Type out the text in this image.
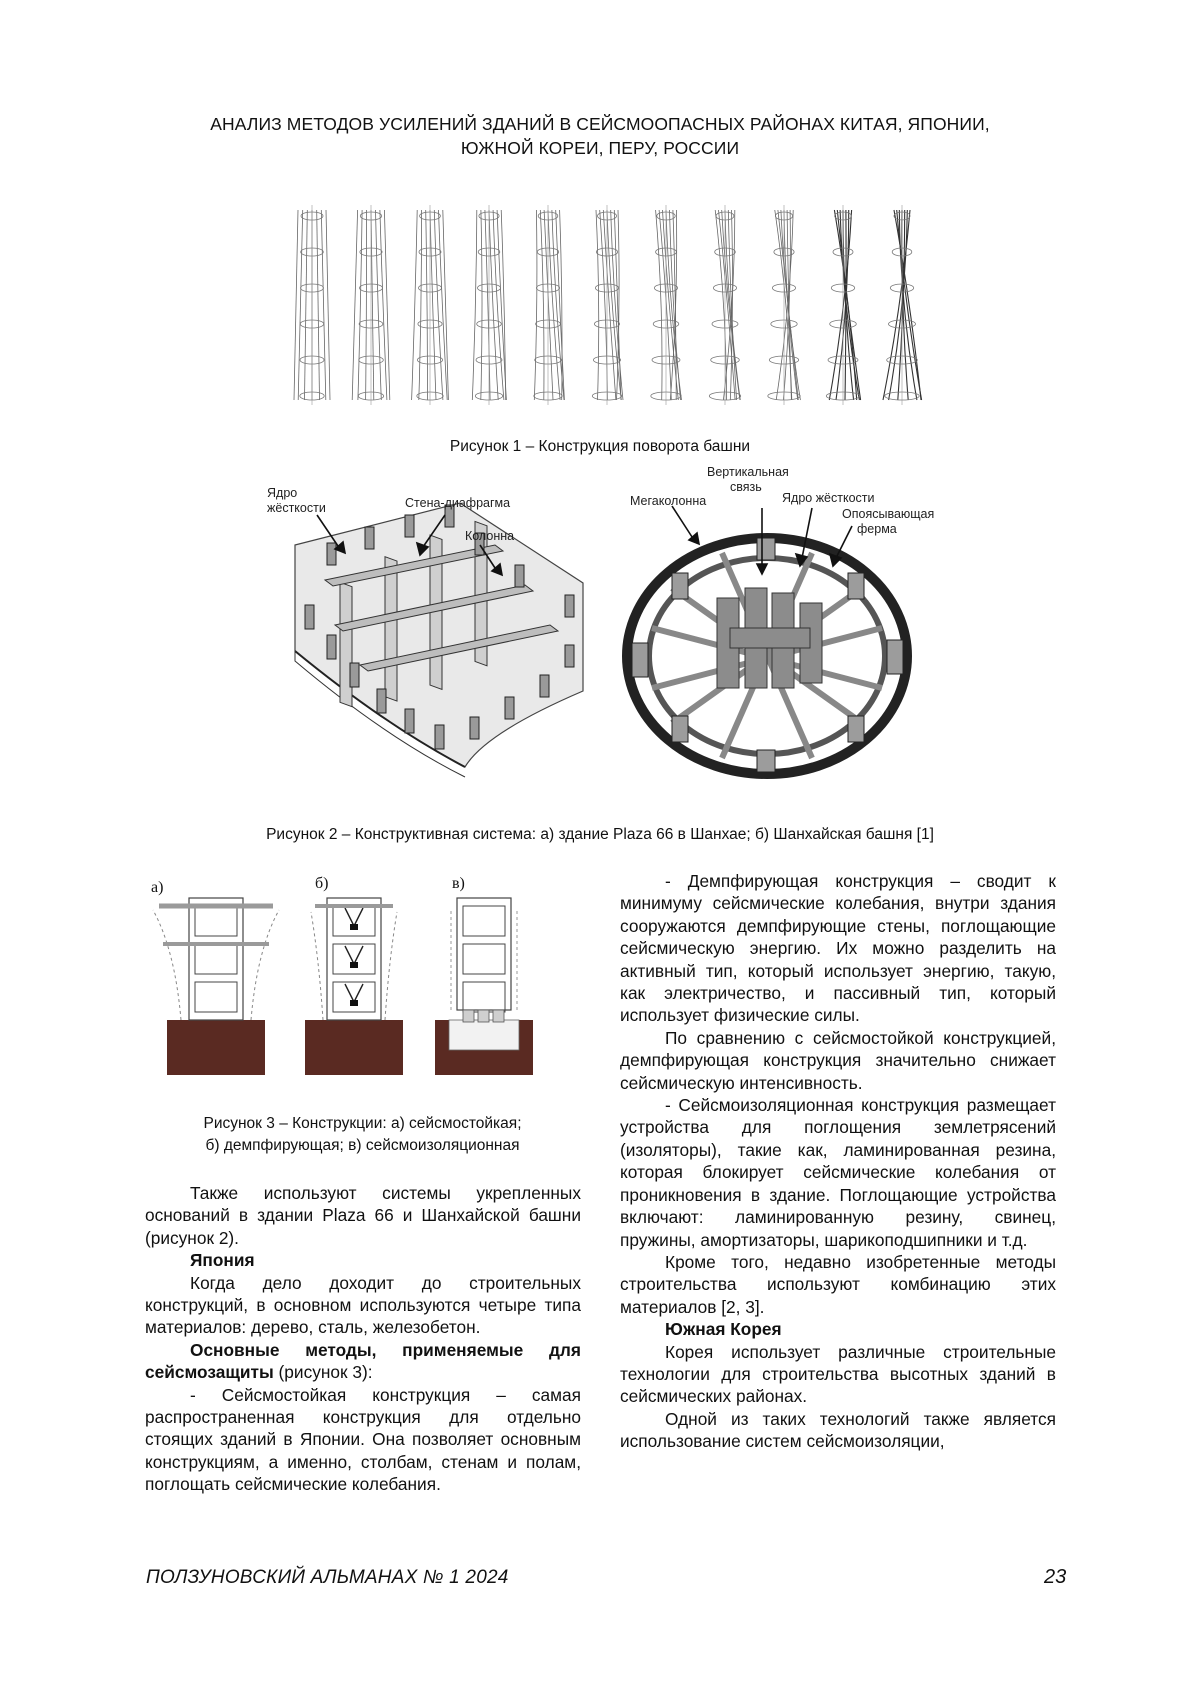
АНАЛИЗ МЕТОДОВ УСИЛЕНИЙ ЗДАНИЙ В СЕЙСМООПАСНЫХ РАЙОНАХ КИТАЯ, ЯПОНИИ,
ЮЖНОЙ КОРЕИ, ПЕРУ, РОССИИ
Рисунок 1 – Конструкция поворота башни
Ядро
жёсткости	Стена-диафрагма
Колонна
Вертикальная
связь
Мегаколонна	Ядро жёсткости
Опоясывающая
ферма
Рисунок 2 – Конструктивная система: а) здание Plaza 66 в Шанхае; б) Шанхайская башня [1]
а)	б)	в)
Рисунок 3 – Конструкции: а) сейсмостойкая;
б) демпфирующая; в) сейсмоизоляционная

Также используют системы укрепленных оснований в здании Plaza 66 и Шанхайской башни (рисунок 2).

Япония

Когда дело доходит до строительных конструкций, в основном используются четыре типа материалов: дерево, сталь, железобетон.

Основные методы, применяемые для сейсмозащиты (рисунок 3):

- Сейсмостойкая конструкция – самая распространенная конструкция для отдельно стоящих зданий в Японии. Она позволяет основным конструкциям, а именно, столбам, стенам и полам, поглощать сейсмические колебания.

- Демпфирующая конструкция – сводит к минимуму сейсмические колебания, внутри здания сооружаются демпфирующие стены, поглощающие сейсмическую энергию. Их можно разделить на активный тип, который использует энергию, такую, как электричество, и пассивный тип, который использует физические силы.

По сравнению с сейсмостойкой конструкцией, демпфирующая конструкция значительно снижает сейсмическую интенсивность.

- Сейсмоизоляционная конструкция размещает устройства для поглощения землетрясений (изоляторы), такие как, ламинированная резина, которая блокирует сейсмические колебания от проникновения в здание. Поглощающие устройства включают: ламинированную резину, свинец, пружины, амортизаторы, шарикоподшипники и т.д.

Кроме того, недавно изобретенные методы строительства используют комбинацию этих материалов [2, 3].

Южная Корея

Корея использует различные строительные технологии для строительства высотных зданий в сейсмических районах.

Одной из таких технологий также является использование систем сейсмоизоляции,

ПОЛЗУНОВСКИЙ АЛЬМАНАХ № 1 2024	23
